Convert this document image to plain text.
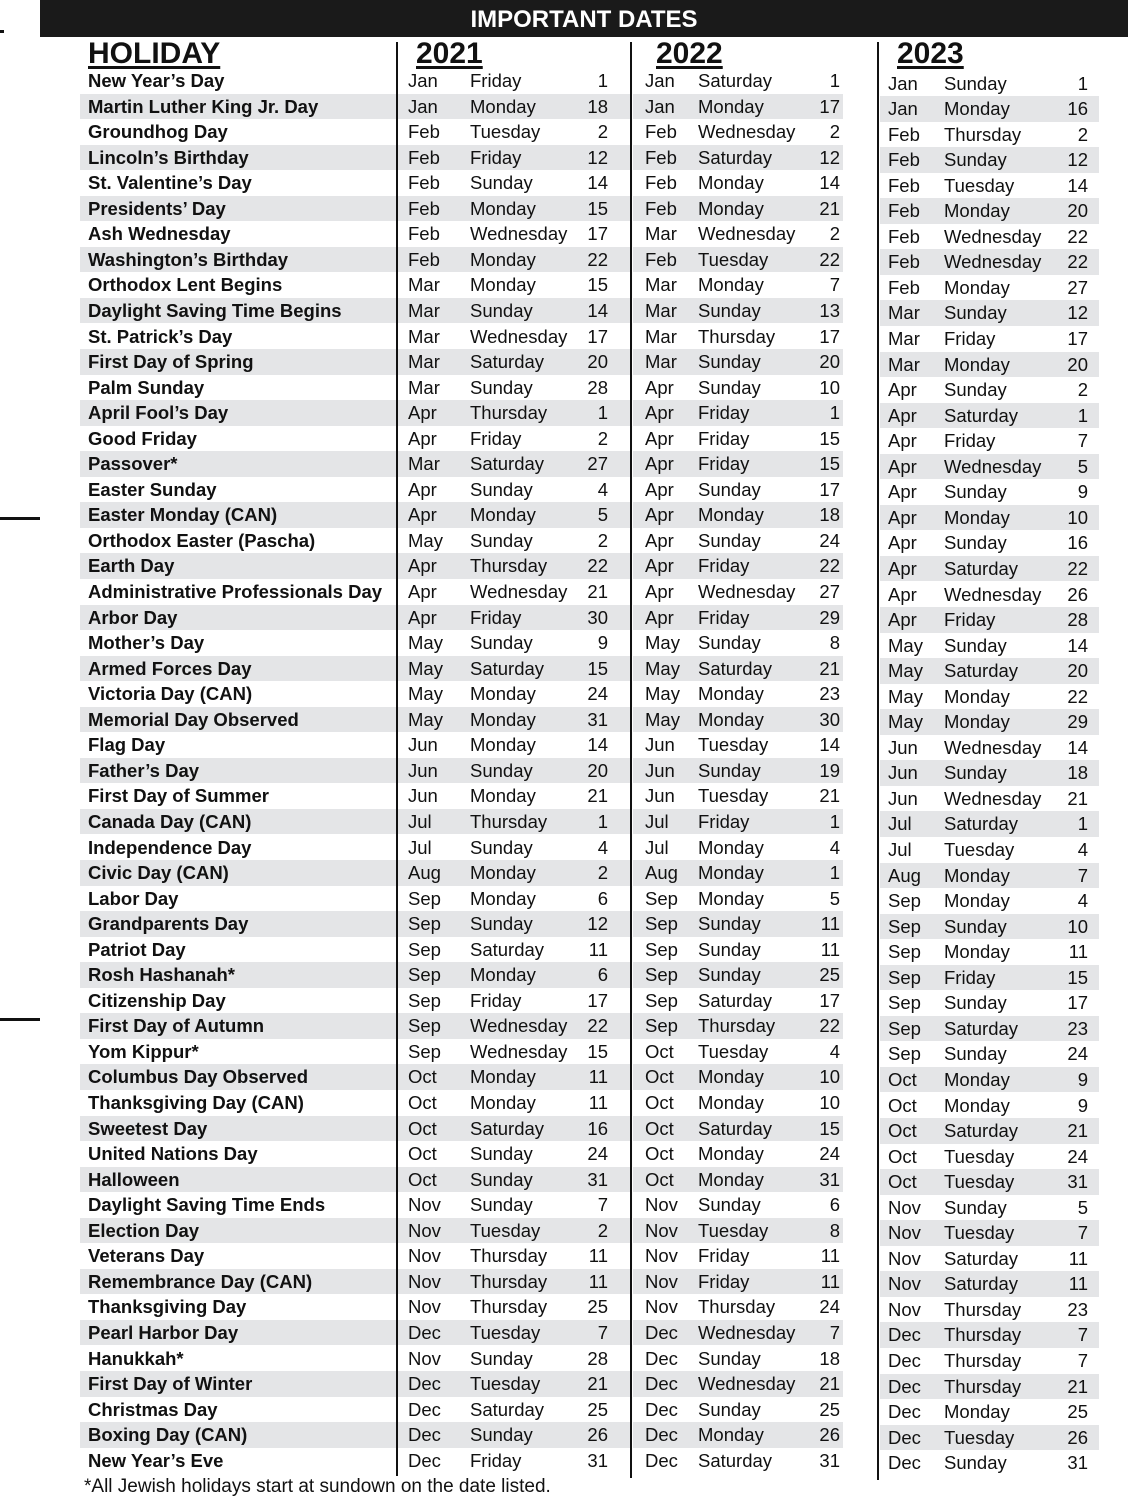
IMPORTANT DATES
HOLIDAY	2021	2022	2023
New Year’s Day	Jan Friday	1 Jan Saturday	1	Jan Sunday	1
Martin Luther King Jr. Day	Jan Monday	18 Jan Monday	17	Jan Monday	16
Groundhog Day	Feb Tuesday	2 Feb Wednesday	2	Feb Thursday	2
Lincoln’s Birthday	Feb Friday	12 Feb Saturday	12	Feb Sunday	12
St. Valentine’s Day	Feb Sunday	14 Feb Monday	14	Feb Tuesday	14
Presidents’ Day	Feb Monday	15 Feb Monday	21	Feb Monday	20
Ash Wednesday	Feb Wednesday	17 Mar Wednesday	2	Feb Wednesday	22
Washington’s Birthday	Feb Monday	22 Feb Tuesday	22	Feb Wednesday	22
Orthodox Lent Begins	Mar Monday	15 Mar Monday	7	Feb Monday	27
Daylight Saving Time Begins	Mar Sunday	14 Mar Sunday	13	Mar Sunday	12
St. Patrick’s Day	Mar Wednesday	17 Mar Thursday	17	Mar Friday	17
First Day of Spring	Mar Saturday	20 Mar Sunday	20	Mar Monday	20
Palm Sunday	Mar Sunday	28 Apr Sunday	10	Apr Sunday	2
April Fool’s Day	Apr Thursday	1 Apr Friday	1	Apr Saturday	1
Good Friday	Apr Friday	2 Apr Friday	15	Apr Friday	7
Passover*	Mar Saturday	27 Apr Friday	15	Apr Wednesday	5
Easter Sunday	Apr Sunday	4 Apr Sunday	17	Apr Sunday	9
Easter Monday (CAN)	Apr Monday	5 Apr Monday	18	Apr Monday	10
Orthodox Easter (Pascha)	May Sunday	2 Apr Sunday	24	Apr Sunday	16
Earth Day	Apr Thursday	22 Apr Friday	22	Apr Saturday	22
Administrative Professionals Day Apr Wednesday	21 Apr Wednesday	27	Apr Wednesday	26
Arbor Day	Apr Friday	30 Apr Friday	29	Apr Friday	28
Mother’s Day	May Sunday	9 May Sunday	8	May Sunday	14
Armed Forces Day	May Saturday	15 May Saturday	21	May Saturday	20
Victoria Day (CAN)	May Monday	24 May Monday	23	May Monday	22
Memorial Day Observed	May Monday	31 May Monday	30	May Monday	29
Flag Day	Jun Monday	14 Jun Tuesday	14	Jun Wednesday	14
Father’s Day	Jun Sunday	20 Jun Sunday	19	Jun Sunday	18
First Day of Summer	Jun Monday	21 Jun Tuesday	21	Jun Wednesday	21
Canada Day (CAN)	Jul Thursday	1 Jul Friday	1	Jul Saturday	1
Independence Day	Jul Sunday	4 Jul Monday	4	Jul Tuesday	4
Civic Day (CAN)	Aug Monday	2 Aug Monday	1	Aug Monday	7
Labor Day	Sep Monday	6 Sep Monday	5	Sep Monday	4
Grandparents Day	Sep Sunday	12 Sep Sunday	11	Sep Sunday	10
Patriot Day	Sep Saturday	11 Sep Sunday	11	Sep Monday	11
Rosh Hashanah*	Sep Monday	6 Sep Sunday	25	Sep Friday	15
Citizenship Day	Sep Friday	17 Sep Saturday	17	Sep Sunday	17
First Day of Autumn	Sep Wednesday	22 Sep Thursday	22	Sep Saturday	23
Yom Kippur*	Sep Wednesday	15 Oct Tuesday	4	Sep Sunday	24
Columbus Day Observed	Oct Monday	11 Oct Monday	10	Oct Monday	9
Thanksgiving Day (CAN)	Oct Monday	11 Oct Monday	10	Oct Monday	9
Sweetest Day	Oct Saturday	16 Oct Saturday	15	Oct Saturday	21
United Nations Day	Oct Sunday	24 Oct Monday	24	Oct Tuesday	24
Halloween	Oct Sunday	31 Oct Monday	31	Oct Tuesday	31
Daylight Saving Time Ends	Nov Sunday	7 Nov Sunday	6	Nov Sunday	5
Election Day	Nov Tuesday	2 Nov Tuesday	8	Nov Tuesday	7
Veterans Day	Nov Thursday	11 Nov Friday	11	Nov Saturday	11
Remembrance Day (CAN)	Nov Thursday	11 Nov Friday	11	Nov Saturday	11
Thanksgiving Day	Nov Thursday	25 Nov Thursday	24	Nov Thursday	23
Pearl Harbor Day	Dec Tuesday	7 Dec Wednesday	7	Dec Thursday	7
Hanukkah*	Nov Sunday	28 Dec Sunday	18	Dec Thursday	7
First Day of Winter	Dec Tuesday	21 Dec Wednesday	21	Dec Thursday	21
Christmas Day	Dec Saturday	25 Dec Sunday	25	Dec Monday	25
Boxing Day (CAN)	Dec Sunday	26 Dec Monday	26	Dec Tuesday	26
New Year’s Eve	Dec Friday	31 Dec Saturday	31	Dec Sunday	31
*All Jewish holidays start at sundown on the date listed.
